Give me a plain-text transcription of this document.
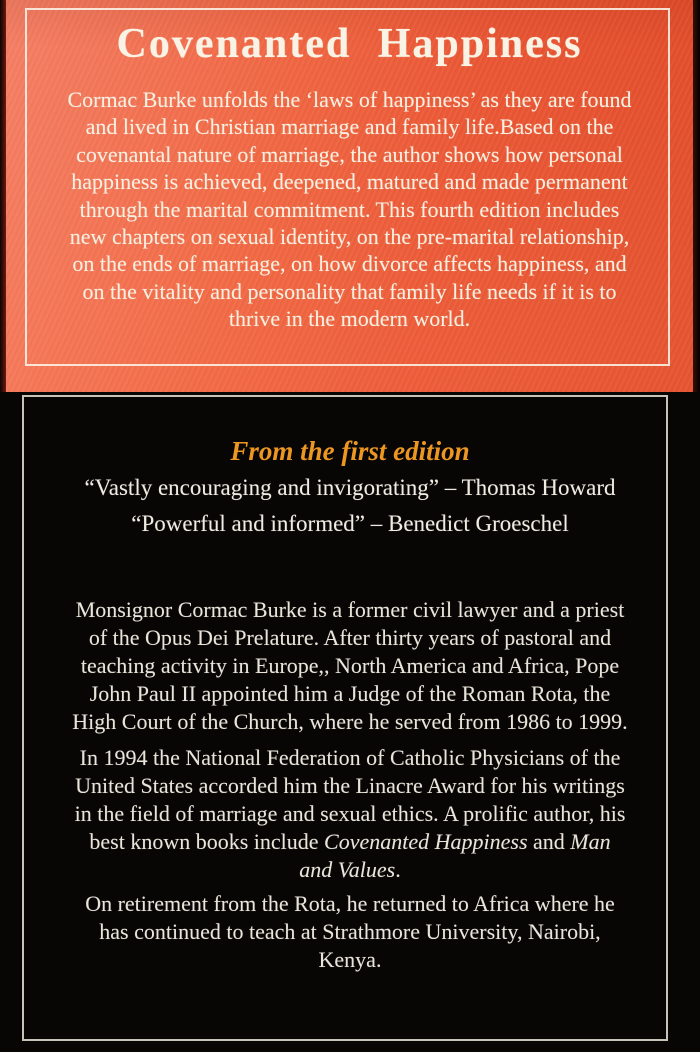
Covenanted Happiness
Cormac Burke unfolds the ‘laws of happiness’ as they are found
and lived in Christian marriage and family life.Based on the
covenantal nature of marriage, the author shows how personal
happiness is achieved, deepened, matured and made permanent
through the marital commitment. This fourth edition includes
new chapters on sexual identity, on the pre-marital relationship,
on the ends of marriage, on how divorce affects happiness, and
on the vitality and personality that family life needs if it is to
thrive in the modern world.
From the first edition
“Vastly encouraging and invigorating” – Thomas Howard
“Powerful and informed” – Benedict Groeschel
Monsignor Cormac Burke is a former civil lawyer and a priest
of the Opus Dei Prelature. After thirty years of pastoral and
teaching activity in Europe,, North America and Africa, Pope
John Paul II appointed him a Judge of the Roman Rota, the
High Court of the Church, where he served from 1986 to 1999.
In 1994 the National Federation of Catholic Physicians of the
United States accorded him the Linacre Award for his writings
in the field of marriage and sexual ethics. A prolific author, his
best known books include Covenanted Happiness and Man
and Values.
On retirement from the Rota, he returned to Africa where he
has continued to teach at Strathmore University, Nairobi,
Kenya.
